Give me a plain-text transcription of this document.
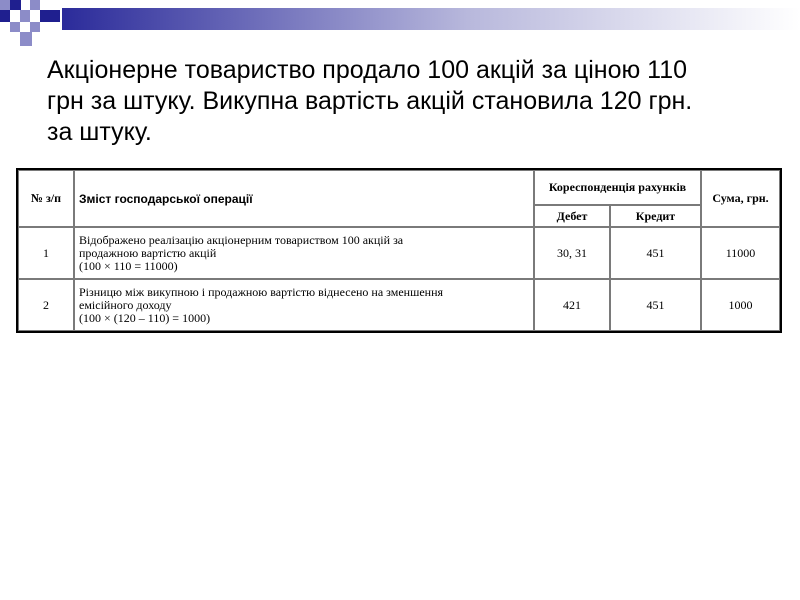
Акціонерне товариство продало 100 акцій за ціною 110
грн за штуку. Викупна вартість акцій становила 120 грн.
за штуку.
№ з/п	Зміст господарської операції	Кореспонденція рахунків		Сума, грн.
		Дебет	Кредит	
1	Відображено реалізацію акціонерним товариством 100 акцій за
продажною вартістю акцій
(100 × 110 = 11000)	30, 31	451	11000
2	Різницю між викупною і продажною вартістю віднесено на зменшення
емісійного доходу
(100 × (120 – 110) = 1000)	421	451	1000
